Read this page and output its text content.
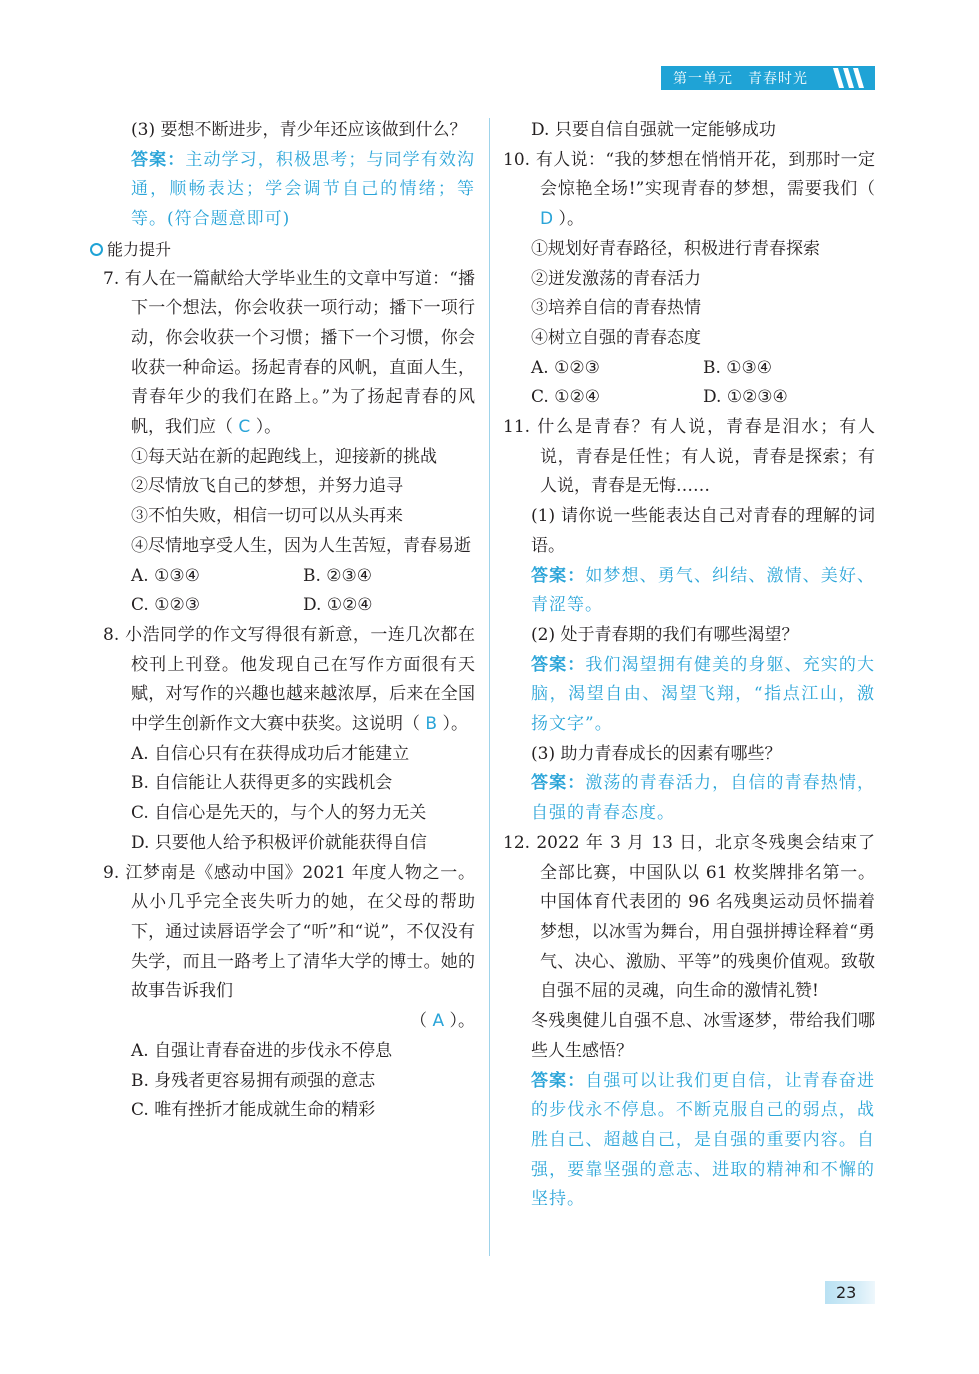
第一单元　 青春时光

(3) 要想不断进步，青少年还应该做到什么？

答案：主动学习，积极思考；与同学有效沟通，顺畅表达；学会调节自己的情绪；等等。(符合题意即可)

能力提升

7. 有人在一篇献给大学毕业生的文章中写道：“播下一个想法，你会收获一项行动；播下一项行动，你会收获一个习惯；播下一个习惯，你会收获一种命运。扬起青春的风帆，直面人生，青春年少的我们在路上。”为了扬起青春的风帆，我们应（ C ）。

①每天站在新的起跑线上，迎接新的挑战

②尽情放飞自己的梦想，并努力追寻

③不怕失败，相信一切可以从头再来

④尽情地享受人生，因为人生苦短，青春易逝

A. ①③④	B. ②③④
C. ①②③	D. ①②④

8. 小浩同学的作文写得很有新意，一连几次都在校刊上刊登。他发现自己在写作方面很有天赋，对写作的兴趣也越来越浓厚，后来在全国中学生创新作文大赛中获奖。这说明（ B ）。

A. 自信心只有在获得成功后才能建立

B. 自信能让人获得更多的实践机会

C. 自信心是先天的，与个人的努力无关

D. 只要他人给予积极评价就能获得自信

9. 江梦南是《感动中国》2021 年度人物之一。从小几乎完全丧失听力的她，在父母的帮助下，通过读唇语学会了“听”和“说”，不仅没有失学，而且一路考上了清华大学的博士。她的故事告诉我们

（ A ）。

A. 自强让青春奋进的步伐永不停息

B. 身残者更容易拥有顽强的意志

C. 唯有挫折才能成就生命的精彩

D. 只要自信自强就一定能够成功

10. 有人说：“我的梦想在悄悄开花，到那时一定会惊艳全场!”实现青春的梦想，需要我们（ D ）。

①规划好青春路径，积极进行青春探索

②迸发激荡的青春活力

③培养自信的青春热情

④树立自强的青春态度

A. ①②③	B. ①③④
C. ①②④	D. ①②③④

11. 什么是青春？有人说，青春是泪水；有人说，青春是任性；有人说，青春是探索；有人说，青春是无悔……

(1) 请你说一些能表达自己对青春的理解的词语。

答案：如梦想、勇气、纠结、激情、美好、青涩等。

(2) 处于青春期的我们有哪些渴望？

答案：我们渴望拥有健美的身躯、充实的大脑，渴望自由、渴望飞翔，“指点江山，激扬文字”。

(3) 助力青春成长的因素有哪些？

答案：激荡的青春活力，自信的青春热情，自强的青春态度。

12. 2022 年 3 月 13 日，北京冬残奥会结束了全部比赛，中国队以 61 枚奖牌排名第一。中国体育代表团的 96 名残奥运动员怀揣着梦想，以冰雪为舞台，用自强拼搏诠释着“勇气、决心、激励、平等”的残奥价值观。致敬自强不屈的灵魂，向生命的激情礼赞!

冬残奥健儿自强不息、冰雪逐梦，带给我们哪些人生感悟？

答案：自强可以让我们更自信，让青春奋进的步伐永不停息。不断克服自己的弱点，战胜自己、超越自己，是自强的重要内容。自强，要靠坚强的意志、进取的精神和不懈的坚持。

23
